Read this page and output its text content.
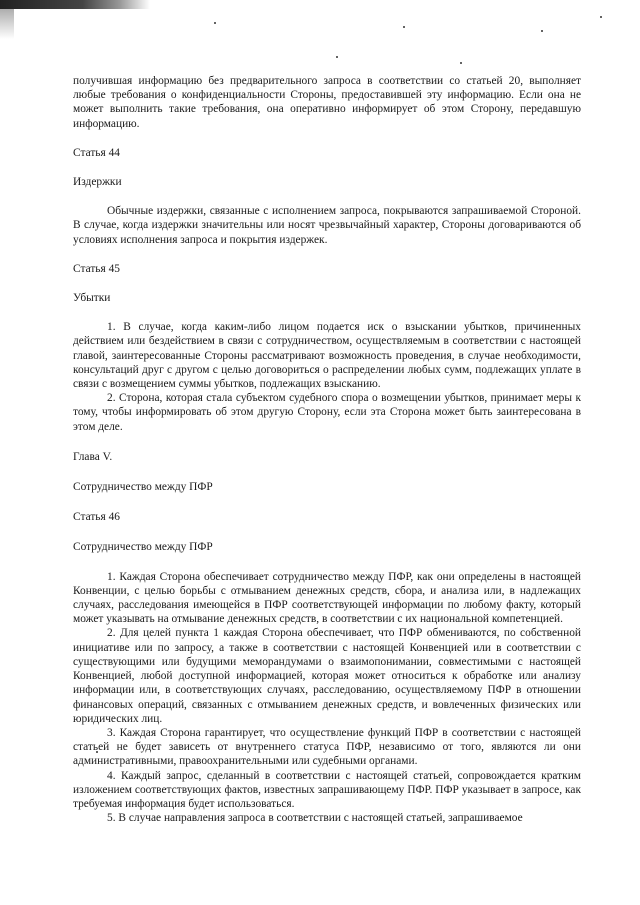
получившая информацию без предварительного запроса в соответствии со статьей 20, выполняет любые требования о конфиденциальности Стороны, предоставившей эту информацию. Если она не может выполнить такие требования, она оперативно информирует об этом Сторону, передавшую информацию.

Статья 44

Издержки

Обычные издержки, связанные с исполнением запроса, покрываются запрашиваемой Стороной. В случае, когда издержки значительны или носят чрезвычайный характер, Стороны договариваются об условиях исполнения запроса и покрытия издержек.

Статья 45

Убытки

1. В случае, когда каким-либо лицом подается иск о взыскании убытков, причиненных действием или бездействием в связи с сотрудничеством, осуществляемым в соответствии с настоящей главой, заинтересованные Стороны рассматривают возможность проведения, в случае необходимости, консультаций друг с другом с целью договориться о распределении любых сумм, подлежащих уплате в связи с возмещением суммы убытков, подлежащих взысканию.

2. Сторона, которая стала субъектом судебного спора о возмещении убытков, принимает меры к тому, чтобы информировать об этом другую Сторону, если эта Сторона может быть заинтересована в этом деле.

Глава V.

Сотрудничество между ПФР

Статья 46

Сотрудничество между ПФР

1. Каждая Сторона обеспечивает сотрудничество между ПФР, как они определены в настоящей Конвенции, с целью борьбы с отмыванием денежных средств, сбора, и анализа или, в надлежащих случаях, расследования имеющейся в ПФР соответствующей информации по любому факту, который может указывать на отмывание денежных средств, в соответствии с их национальной компетенцией.

2. Для целей пункта 1 каждая Сторона обеспечивает, что ПФР обмениваются, по собственной инициативе или по запросу, а также в соответствии с настоящей Конвенцией или в соответствии с существующими или будущими меморандумами о взаимопонимании, совместимыми с настоящей Конвенцией, любой доступной информацией, которая может относиться к обработке или анализу информации или, в соответствующих случаях, расследованию, осуществляемому ПФР в отношении финансовых операций, связанных с отмыванием денежных средств, и вовлеченных физических или юридических лиц.

3. Каждая Сторона гарантирует, что осуществление функций ПФР в соответствии с настоящей статьей не будет зависеть от внутреннего статуса ПФР, независимо от того, являются ли они административными, правоохранительными или судебными органами.

4. Каждый запрос, сделанный в соответствии с настоящей статьей, сопровождается кратким изложением соответствующих фактов, известных запрашивающему ПФР. ПФР указывает в запросе, как требуемая информация будет использоваться.

5. В случае направления запроса в соответствии с настоящей статьей, запрашиваемое
